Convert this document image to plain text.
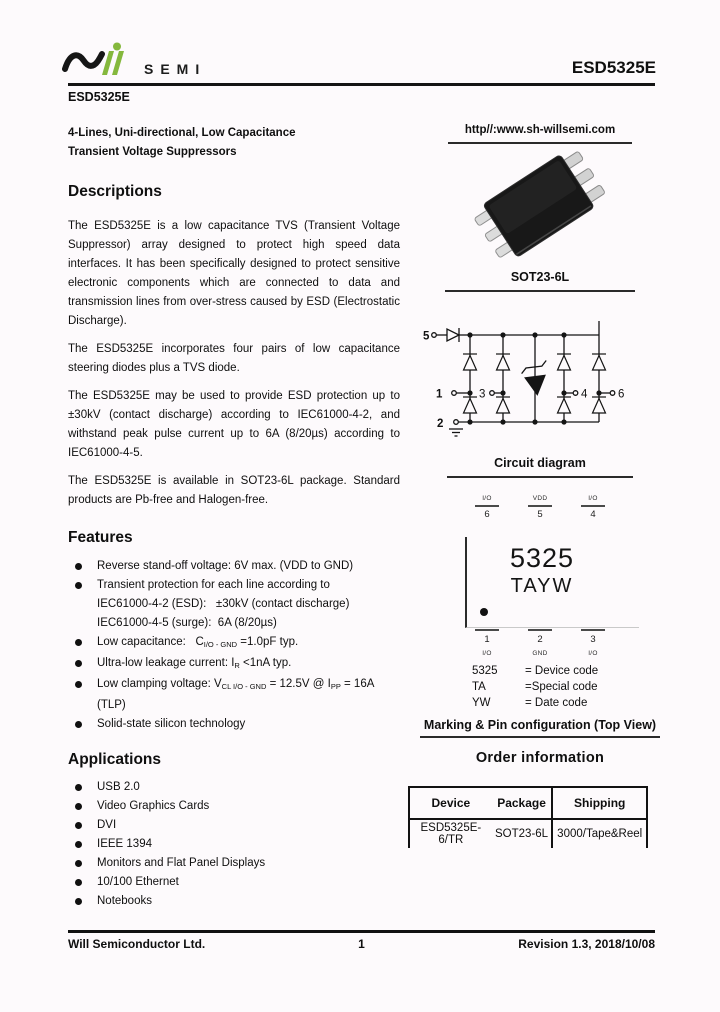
SEMI	ESD5325E
ESD5325E
4-Lines, Uni-directional, Low Capacitance
Transient Voltage Suppressors
Descriptions

The ESD5325E is a low capacitance TVS (Transient Voltage Suppressor) array designed to protect high speed data interfaces. It has been specifically designed to protect sensitive electronic components which are connected to data and transmission lines from over-stress caused by ESD (Electrostatic Discharge).

The ESD5325E incorporates four pairs of low capacitance steering diodes plus a TVS diode.

The ESD5325E may be used to provide ESD protection up to ±30kV (contact discharge) according to IEC61000-4-2, and withstand peak pulse current up to 6A (8/20µs) according to IEC61000-4-5.

The ESD5325E is available in SOT23-6L package. Standard products are Pb-free and Halogen-free.

Features
Reverse stand-off voltage: 6V max. (VDD to GND)
Transient protection for each line according to
IEC61000-4-2 (ESD):   ±30kV (contact discharge)
IEC61000-4-5 (surge):  6A (8/20µs)
Low capacitance:   $C_{I/O - GND} =1.0pF$ typ.
Ultra-low leakage current: $I_R <1nA$ typ.
Low clamping voltage: $V_{CL I/O - GND} = 12.5V$ @ $I_{PP} = 16A$ (TLP)
Solid-state silicon technology
Applications
USB 2.0
Video Graphics Cards
DVI
IEEE 1394
Monitors and Flat Panel Displays
10/100 Ethernet
Notebooks
http//:www.sh-willsemi.com
SOT23-6L
5
1	3	4	6
2
Circuit diagram
I/O
6
VDD
5
I/O
4
5325
TAYW
I/O
1
GND
2
I/O
3
5325	= Device code
TA	=Special code
YW	= Date code
Marking & Pin configuration (Top View)
Order information
Device	Package	Shipping
ESD5325E-6/TR	SOT23-6L	3000/Tape&Reel
1
Will Semiconductor Ltd.	Revision 1.3, 2018/10/08
